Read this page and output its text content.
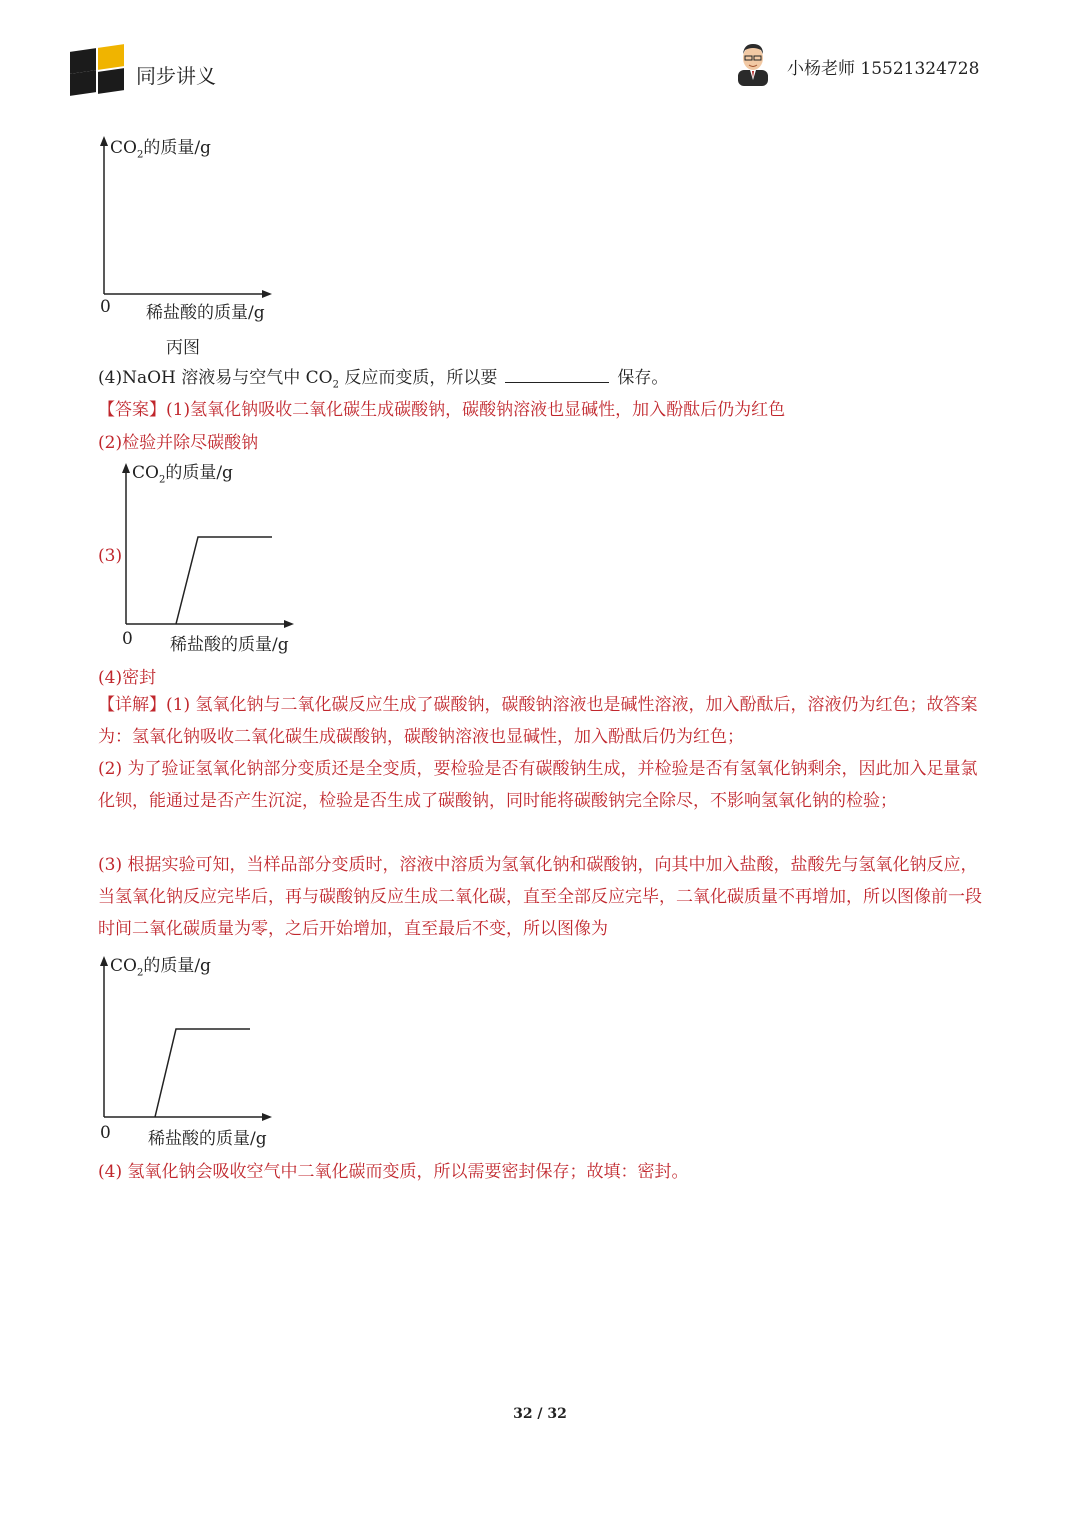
同步讲义	小杨老师 15521324728
$CO_2$的质量/g
0 稀盐酸的质量/g
丙图
(4)NaOH 溶液易与空气中 $CO_2$ 反应而变质，所以要	保存。
【答案】(1)氢氧化钠吸收二氧化碳生成碳酸钠，碳酸钠溶液也显碱性，加入酚酞后仍为红色
(2)检验并除尽碳酸钠
(3)
$CO_2$的质量/g
0 稀盐酸的质量/g
(4)密封
【详解】(1) 氢氧化钠与二氧化碳反应生成了碳酸钠，碳酸钠溶液也是碱性溶液，加入酚酞后，溶液仍为红色；故答案为：氢氧化钠吸收二氧化碳生成碳酸钠，碳酸钠溶液也显碱性，加入酚酞后仍为红色；
(2) 为了验证氢氧化钠部分变质还是全变质，要检验是否有碳酸钠生成，并检验是否有氢氧化钠剩余，因此加入足量氯化钡，能通过是否产生沉淀，检验是否生成了碳酸钠，同时能将碳酸钠完全除尽，不影响氢氧化钠的检验；
(3) 根据实验可知，当样品部分变质时，溶液中溶质为氢氧化钠和碳酸钠，向其中加入盐酸，盐酸先与氢氧化钠反应，当氢氧化钠反应完毕后，再与碳酸钠反应生成二氧化碳，直至全部反应完毕，二氧化碳质量不再增加，所以图像前一段时间二氧化碳质量为零，之后开始增加，直至最后不变，所以图像为
$CO_2$的质量/g
0 稀盐酸的质量/g
(4) 氢氧化钠会吸收空气中二氧化碳而变质，所以需要密封保存；故填：密封。
32 / 32
